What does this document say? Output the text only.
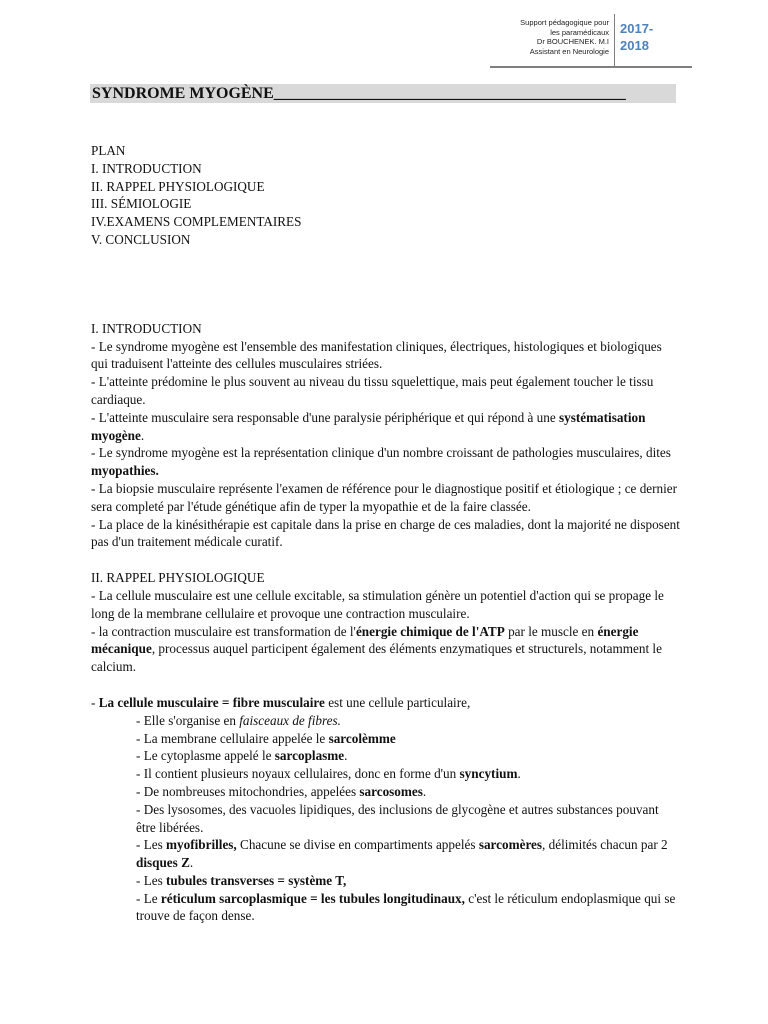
Support pédagogique pour
les paramédicaux
Dr BOUCHENEK. M.I
Assistant en Neurologie
2017-
2018
SYNDROME MYOGÈNE____________________________________________

PLAN

I. INTRODUCTION

II. RAPPEL PHYSIOLOGIQUE

III. SÉMIOLOGIE

IV.EXAMENS COMPLEMENTAIRES

V. CONCLUSION

I. INTRODUCTION

- Le syndrome myogène est l'ensemble des manifestation cliniques, électriques, histologiques et biologiques qui traduisent l'atteinte des cellules musculaires striées.

- L'atteinte prédomine le plus souvent au niveau du tissu squelettique, mais peut également toucher le tissu cardiaque.

- L'atteinte musculaire sera responsable d'une paralysie périphérique et qui répond à une systématisation myogène.

- Le syndrome myogène est la représentation clinique d'un nombre croissant de pathologies musculaires, dites myopathies.

- La biopsie musculaire représente l'examen de référence pour le diagnostique positif et étiologique ; ce dernier sera completé par l'étude génétique afin de typer la myopathie et de la faire classée.

- La place de la kinésithérapie est capitale dans la prise en charge de ces maladies, dont la majorité ne disposent pas d'un traitement médicale curatif.

II. RAPPEL PHYSIOLOGIQUE

- La cellule musculaire est une cellule excitable, sa stimulation génère un potentiel d'action qui se propage le long de la membrane cellulaire et provoque une contraction musculaire.

- la contraction musculaire est transformation de l'énergie chimique de l'ATP par le muscle en énergie mécanique, processus auquel participent également des éléments enzymatiques et structurels, notamment le calcium.

- La cellule musculaire = fibre musculaire est une cellule particulaire,

- Elle s'organise en faisceaux de fibres.

- La membrane cellulaire appelée le sarcolèmme

- Le cytoplasme appelé le sarcoplasme.

- Il contient plusieurs noyaux cellulaires, donc en forme d'un syncytium.

- De nombreuses mitochondries, appelées sarcosomes.

- Des lysosomes, des vacuoles lipidiques, des inclusions de glycogène et autres substances pouvant être libérées.

- Les myofibrilles, Chacune se divise en compartiments appelés sarcomères, délimités chacun par 2 disques Z.

- Les tubules transverses = système T,

- Le réticulum sarcoplasmique = les tubules longitudinaux, c'est le réticulum endoplasmique qui se trouve de façon dense.
